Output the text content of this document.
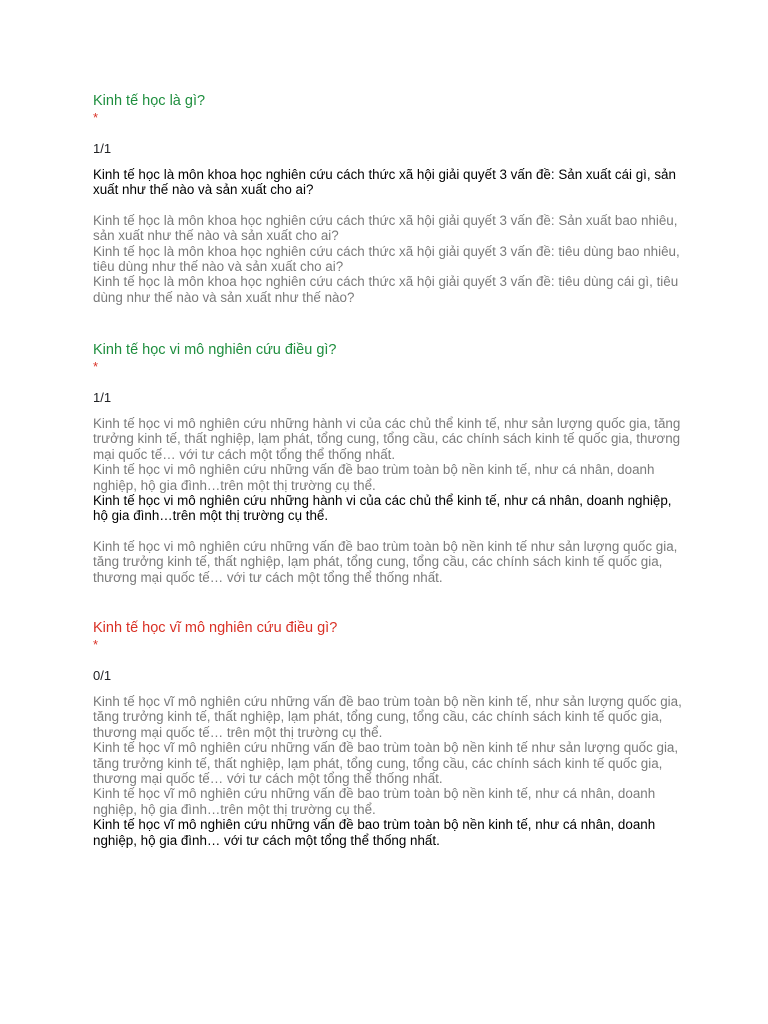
Kinh tế học là gì?
*
1/1

Kinh tế học là môn khoa học nghiên cứu cách thức xã hội giải quyết 3 vấn đề: Sản xuất cái gì, sản xuất như thế nào và sản xuất cho ai?

Kinh tế học là môn khoa học nghiên cứu cách thức xã hội giải quyết 3 vấn đề: Sản xuất bao nhiêu, sản xuất như thế nào và sản xuất cho ai?

Kinh tế học là môn khoa học nghiên cứu cách thức xã hội giải quyết 3 vấn đề: tiêu dùng bao nhiêu, tiêu dùng như thế nào và sản xuất cho ai?

Kinh tế học là môn khoa học nghiên cứu cách thức xã hội giải quyết 3 vấn đề: tiêu dùng cái gì, tiêu dùng như thế nào và sản xuất như thế nào?

Kinh tế học vi mô nghiên cứu điều gì?
*
1/1

Kinh tế học vi mô nghiên cứu những hành vi của các chủ thể kinh tế, như sản lượng quốc gia, tăng trưởng kinh tế, thất nghiệp, lạm phát, tổng cung, tổng cầu, các chính sách kinh tế quốc gia, thương mại quốc tế… với tư cách một tổng thể thống nhất.

Kinh tế học vi mô nghiên cứu những vấn đề bao trùm toàn bộ nền kinh tế, như cá nhân, doanh nghiệp, hộ gia đình…trên một thị trường cụ thể.

Kinh tế học vi mô nghiên cứu những hành vi của các chủ thể kinh tế, như cá nhân, doanh nghiệp, hộ gia đình…trên một thị trường cụ thể.

Kinh tế học vi mô nghiên cứu những vấn đề bao trùm toàn bộ nền kinh tế như sản lượng quốc gia, tăng trưởng kinh tế, thất nghiệp, lạm phát, tổng cung, tổng cầu, các chính sách kinh tế quốc gia, thương mại quốc tế… với tư cách một tổng thể thống nhất.

Kinh tế học vĩ mô nghiên cứu điều gì?
*
0/1

Kinh tế học vĩ mô nghiên cứu những vấn đề bao trùm toàn bộ nền kinh tế, như sản lượng quốc gia, tăng trưởng kinh tế, thất nghiệp, lạm phát, tổng cung, tổng cầu, các chính sách kinh tế quốc gia, thương mại quốc tế… trên một thị trường cụ thể.

Kinh tế học vĩ mô nghiên cứu những vấn đề bao trùm toàn bộ nền kinh tế như sản lượng quốc gia, tăng trưởng kinh tế, thất nghiệp, lạm phát, tổng cung, tổng cầu, các chính sách kinh tế quốc gia, thương mại quốc tế… với tư cách một tổng thể thống nhất.

Kinh tế học vĩ mô nghiên cứu những vấn đề bao trùm toàn bộ nền kinh tế, như cá nhân, doanh nghiệp, hộ gia đình…trên một thị trường cụ thể.

Kinh tế học vĩ mô nghiên cứu những vấn đề bao trùm toàn bộ nền kinh tế, như cá nhân, doanh nghiệp, hộ gia đình… với tư cách một tổng thể thống nhất.
